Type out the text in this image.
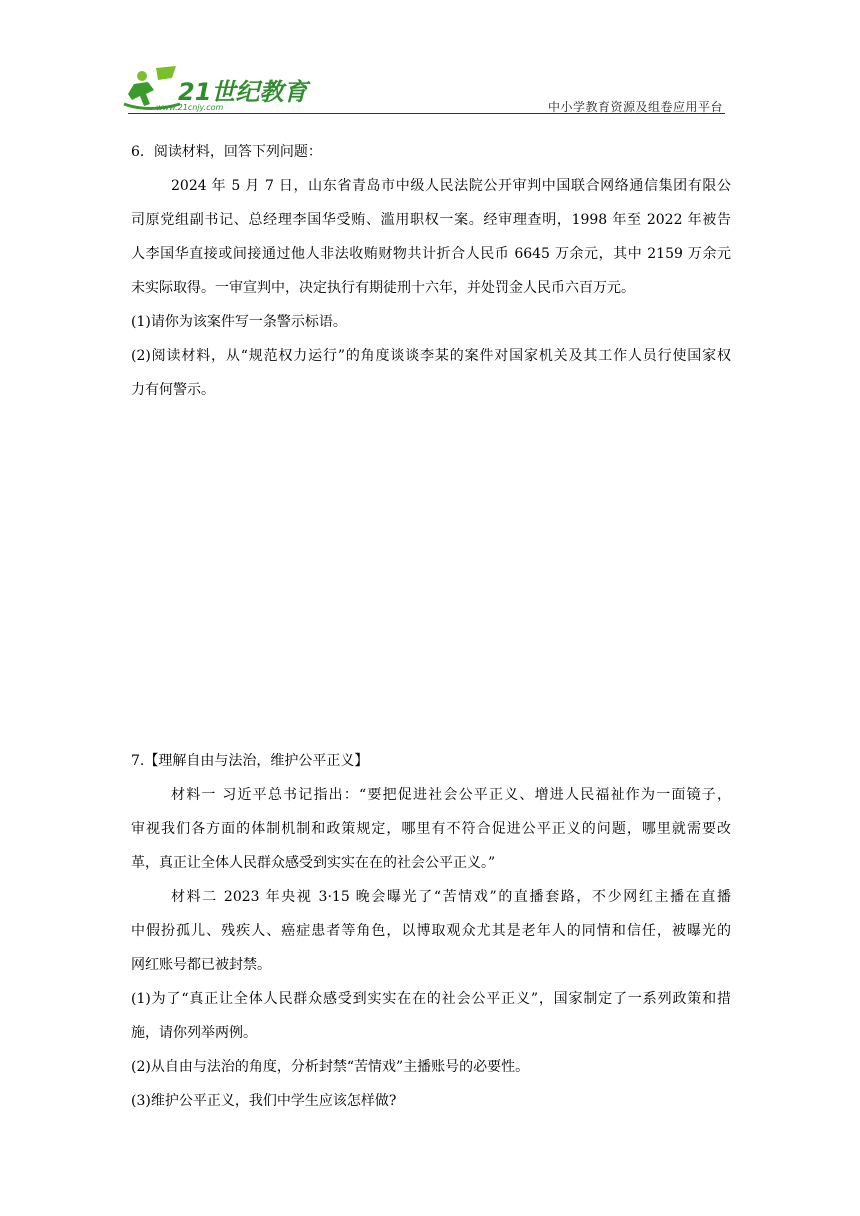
21世纪教育
www.21cnjy.com	中小学教育资源及组卷应用平台
6．阅读材料，回答下列问题：
2024 年 5 月 7 日，山东省青岛市中级人民法院公开审判中国联合网络通信集团有限公
司原党组副书记、总经理李国华受贿、滥用职权一案。经审理查明，1998 年至 2022 年被告
人李国华直接或间接通过他人非法收贿财物共计折合人民币 6645 万余元，其中 2159 万余元
未实际取得。一审宣判中，决定执行有期徒刑十六年，并处罚金人民币六百万元。
(1)请你为该案件写一条警示标语。
(2)阅读材料，从“规范权力运行”的角度谈谈李某的案件对国家机关及其工作人员行使国家权
力有何警示。
7.【理解自由与法治，维护公平正义】
材料一 习近平总书记指出：“要把促进社会公平正义、增进人民福祉作为一面镜子，
审视我们各方面的体制机制和政策规定，哪里有不符合促进公平正义的问题，哪里就需要改
革，真正让全体人民群众感受到实实在在的社会公平正义。”
材料二 2023 年央视 3·15 晚会曝光了“苦情戏”的直播套路，不少网红主播在直播
中假扮孤儿、残疾人、癌症患者等角色，以博取观众尤其是老年人的同情和信任，被曝光的
网红账号都已被封禁。
(1)为了“真正让全体人民群众感受到实实在在的社会公平正义”，国家制定了一系列政策和措
施，请你列举两例。
(2)从自由与法治的角度，分析封禁“苦情戏”主播账号的必要性。
(3)维护公平正义，我们中学生应该怎样做?
